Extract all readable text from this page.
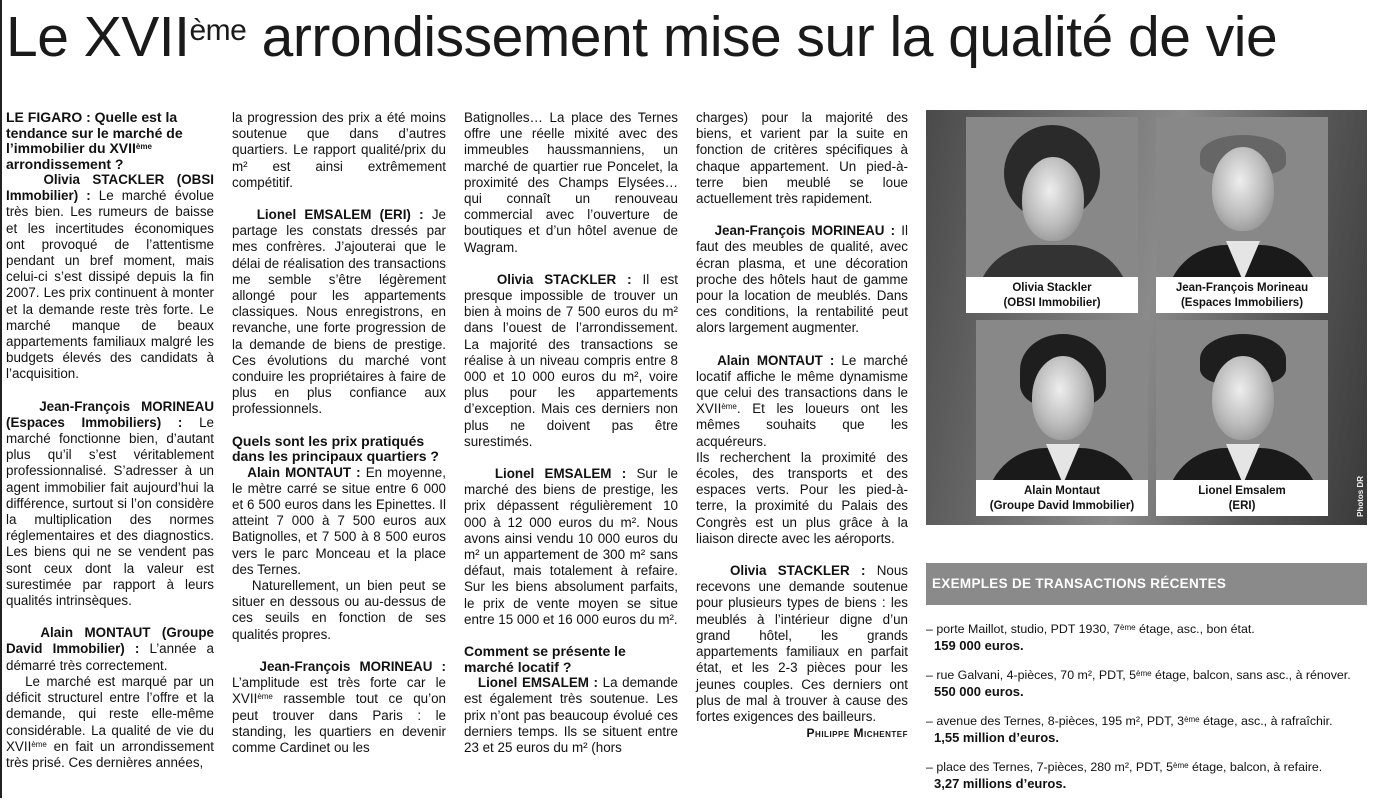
Le XVIIème arrondissement mise sur la qualité de vie

LE FIGARO : Quelle est la tendance sur le marché de l’immobilier du XVIIème arrondissement ?

Olivia STACKLER (OBSI Immobilier) : Le marché évolue très bien. Les rumeurs de baisse et les incertitudes économiques ont provoqué de l’attentisme pendant un bref moment, mais celui-ci s’est dissipé depuis la fin 2007. Les prix continuent à monter et la demande reste très forte. Le marché manque de beaux appartements familiaux malgré les budgets élevés des candidats à l’acquisition.

Jean-François MORINEAU (Espaces Immobiliers) : Le marché fonctionne bien, d’autant plus qu’il s’est véritablement professionnalisé. S’adresser à un agent immobilier fait aujourd’hui la différence, surtout si l’on considère la multiplication des normes réglementaires et des diagnostics. Les biens qui ne se vendent pas sont ceux dont la valeur est surestimée par rapport à leurs qualités intrinsèques.

Alain MONTAUT (Groupe David Immobilier) : L’année a démarré très correctement.

Le marché est marqué par un déficit structurel entre l’offre et la demande, qui reste elle-même considérable. La qualité de vie du XVIIème en fait un arrondissement très prisé. Ces dernières années,

la progression des prix a été moins soutenue que dans d’autres quartiers. Le rapport qualité/prix du m² est ainsi extrêmement compétitif.

Lionel EMSALEM (ERI) : Je partage les constats dressés par mes confrères. J’ajouterai que le délai de réalisation des transactions me semble s’être légèrement allongé pour les appartements classiques. Nous enregistrons, en revanche, une forte progression de la demande de biens de prestige. Ces évolutions du marché vont conduire les propriétaires à faire de plus en plus confiance aux professionnels.

Quels sont les prix pratiqués dans les principaux quartiers ?

Alain MONTAUT : En moyenne, le mètre carré se situe entre 6 000 et 6 500 euros dans les Epinettes. Il atteint 7 000 à 7 500 euros aux Batignolles, et 7 500 à 8 500 euros vers le parc Monceau et la place des Ternes.

Naturellement, un bien peut se situer en dessous ou au-dessus de ces seuils en fonction de ses qualités propres.

Jean-François MORINEAU : L’amplitude est très forte car le XVIIème rassemble tout ce qu’on peut trouver dans Paris : le standing, les quartiers en devenir comme Cardinet ou les

Batignolles… La place des Ternes offre une réelle mixité avec des immeubles haussmanniens, un marché de quartier rue Poncelet, la proximité des Champs Elysées… qui connaît un renouveau commercial avec l’ouverture de boutiques et d’un hôtel avenue de Wagram.

Olivia STACKLER : Il est presque impossible de trouver un bien à moins de 7 500 euros du m² dans l’ouest de l’arrondissement. La majorité des transactions se réalise à un niveau compris entre 8 000 et 10 000 euros du m², voire plus pour les appartements d’exception. Mais ces derniers non plus ne doivent pas être surestimés.

Lionel EMSALEM : Sur le marché des biens de prestige, les prix dépassent régulièrement 10 000 à 12 000 euros du m². Nous avons ainsi vendu 10 000 euros du m² un appartement de 300 m² sans défaut, mais totalement à refaire. Sur les biens absolument parfaits, le prix de vente moyen se situe entre 15 000 et 16 000 euros du m².

Comment se présente le marché locatif ?

Lionel EMSALEM : La demande est également très soutenue. Les prix n’ont pas beaucoup évolué ces derniers temps. Ils se situent entre 23 et 25 euros du m² (hors

charges) pour la majorité des biens, et varient par la suite en fonction de critères spécifiques à chaque appartement. Un pied-à-terre bien meublé se loue actuellement très rapidement.

Jean-François MORINEAU : Il faut des meubles de qualité, avec écran plasma, et une décoration proche des hôtels haut de gamme pour la location de meublés. Dans ces conditions, la rentabilité peut alors largement augmenter.

Alain MONTAUT : Le marché locatif affiche le même dynamisme que celui des transactions dans le XVIIème. Et les loueurs ont les mêmes souhaits que les acquéreurs.

Ils recherchent la proximité des écoles, des transports et des espaces verts. Pour les pied-à-terre, la proximité du Palais des Congrès est un plus grâce à la liaison directe avec les aéroports.

Olivia STACKLER : Nous recevons une demande soutenue pour plusieurs types de biens : les meublés à l’intérieur digne d’un grand hôtel, les grands appartements familiaux en parfait état, et les 2-3 pièces pour les jeunes couples. Ces derniers ont plus de mal à trouver à cause des fortes exigences des bailleurs.

Philippe Michentef

Olivia Stackler
(OBSI Immobilier)
Jean-François Morineau
(Espaces Immobiliers)
Alain Montaut
(Groupe David Immobilier)
Lionel Emsalem
(ERI)	Photos DR
EXEMPLES DE TRANSACTIONS RÉCENTES
– porte Maillot, studio, PDT 1930, 7ème étage, asc., bon état.
159 000 euros.
– rue Galvani, 4-pièces, 70 m², PDT, 5ème étage, balcon, sans asc., à rénover.
550 000 euros.
– avenue des Ternes, 8-pièces, 195 m², PDT, 3ème étage, asc., à rafraîchir.
1,55 million d’euros.
– place des Ternes, 7-pièces, 280 m², PDT, 5ème étage, balcon, à refaire.
3,27 millions d’euros.
